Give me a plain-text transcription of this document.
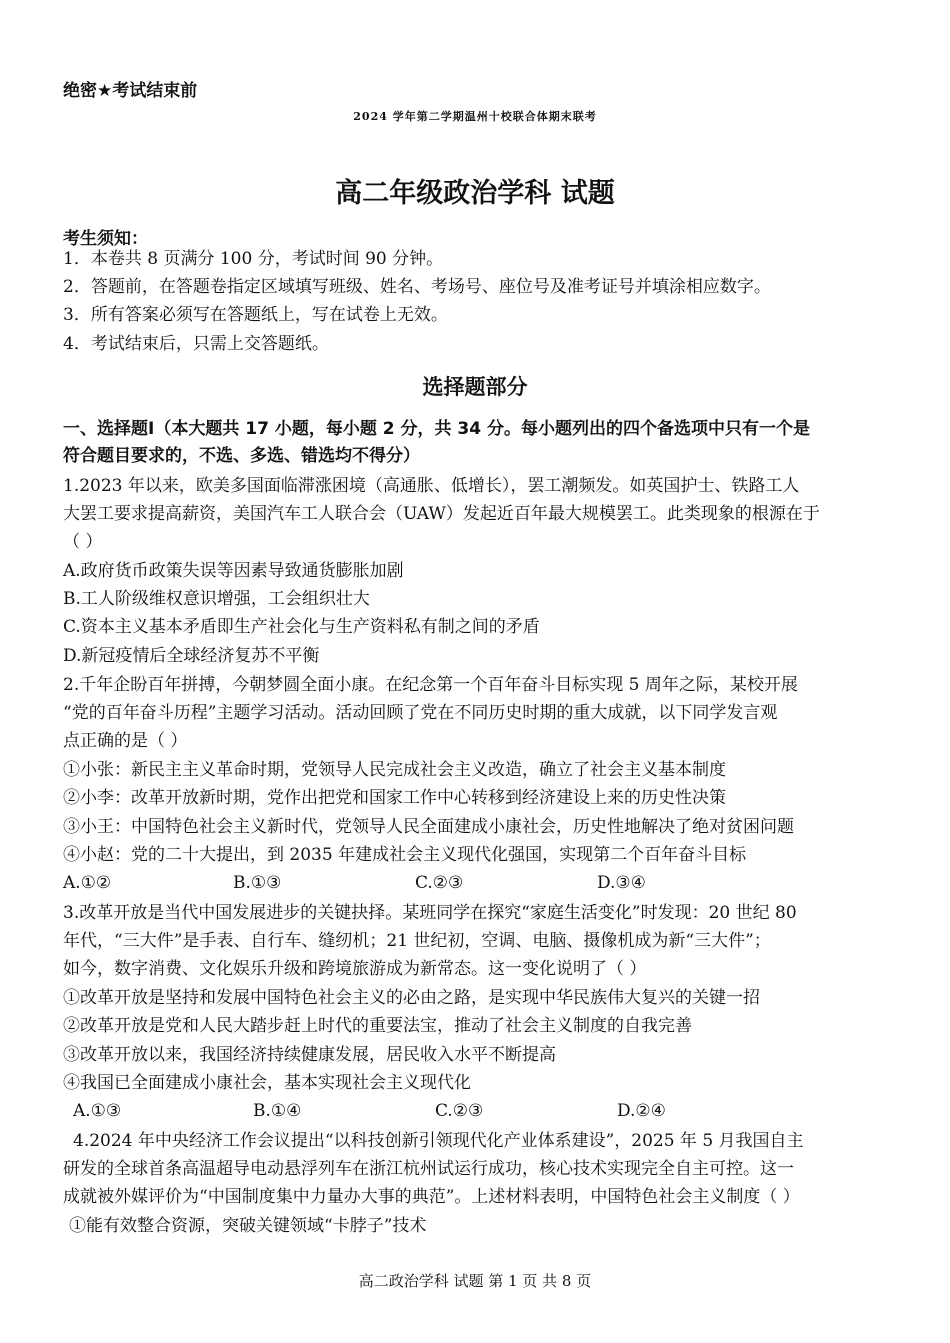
绝密★考试结束前
2024 学年第二学期温州十校联合体期末联考
高二年级政治学科 试题
考生须知：
1．本卷共 8 页满分 100 分，考试时间 90 分钟。
2．答题前，在答题卷指定区域填写班级、姓名、考场号、座位号及准考证号并填涂相应数字。
3．所有答案必须写在答题纸上，写在试卷上无效。
4．考试结束后，只需上交答题纸。
选择题部分
一、选择题Ⅰ（本大题共 17 小题，每小题 2 分，共 34 分。每小题列出的四个备选项中只有一个是
符合题目要求的，不选、多选、错选均不得分）
1.2023 年以来，欧美多国面临滞涨困境（高通胀、低增长），罢工潮频发。如英国护士、铁路工人
大罢工要求提高薪资，美国汽车工人联合会（UAW）发起近百年最大规模罢工。此类现象的根源在于
（ ）
A.政府货币政策失误等因素导致通货膨胀加剧
B.工人阶级维权意识增强，工会组织壮大
C.资本主义基本矛盾即生产社会化与生产资料私有制之间的矛盾
D.新冠疫情后全球经济复苏不平衡
2.千年企盼百年拼搏，今朝梦圆全面小康。在纪念第一个百年奋斗目标实现 5 周年之际，某校开展
“党的百年奋斗历程”主题学习活动。活动回顾了党在不同历史时期的重大成就，以下同学发言观
点正确的是（ ）
①小张：新民主主义革命时期，党领导人民完成社会主义改造，确立了社会主义基本制度
②小李：改革开放新时期，党作出把党和国家工作中心转移到经济建设上来的历史性决策
③小王：中国特色社会主义新时代，党领导人民全面建成小康社会，历史性地解决了绝对贫困问题
④小赵：党的二十大提出，到 2035 年建成社会主义现代化强国，实现第二个百年奋斗目标
A.①②	B.①③	C.②③	D.③④
3.改革开放是当代中国发展进步的关键抉择。某班同学在探究“家庭生活变化”时发现：20 世纪 80
年代，“三大件”是手表、自行车、缝纫机；21 世纪初，空调、电脑、摄像机成为新“三大件”；
如今，数字消费、文化娱乐升级和跨境旅游成为新常态。这一变化说明了（ ）
①改革开放是坚持和发展中国特色社会主义的必由之路，是实现中华民族伟大复兴的关键一招
②改革开放是党和人民大踏步赶上时代的重要法宝，推动了社会主义制度的自我完善
③改革开放以来，我国经济持续健康发展，居民收入水平不断提高
④我国已全面建成小康社会，基本实现社会主义现代化
A.①③	B.①④	C.②③	D.②④
4.2024 年中央经济工作会议提出“以科技创新引领现代化产业体系建设”，2025 年 5 月我国自主
研发的全球首条高温超导电动悬浮列车在浙江杭州试运行成功，核心技术实现完全自主可控。这一
成就被外媒评价为“中国制度集中力量办大事的典范”。上述材料表明，中国特色社会主义制度（ ）
①能有效整合资源，突破关键领域“卡脖子”技术
高二政治学科 试题 第 1 页 共 8 页
